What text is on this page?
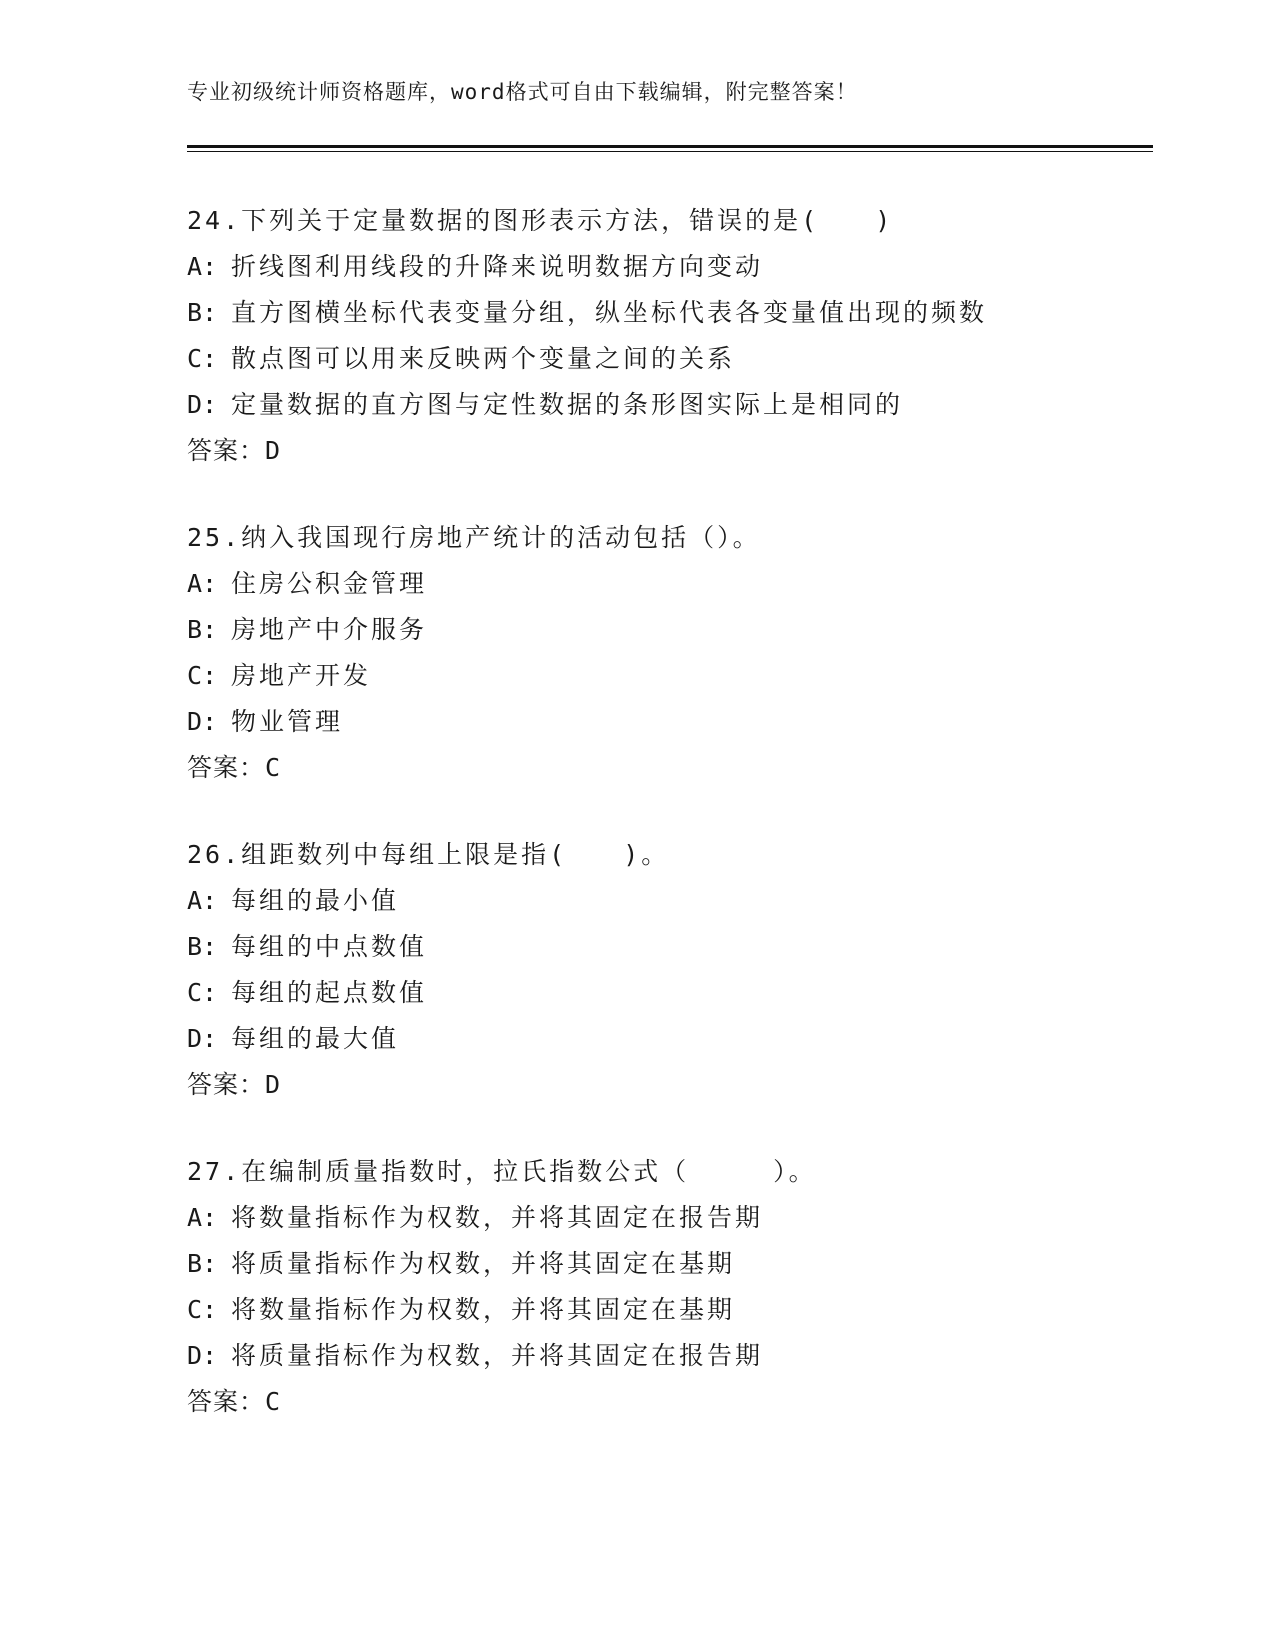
专业初级统计师资格题库，word格式可自由下载编辑，附完整答案！
24.下列关于定量数据的图形表示方法，错误的是(　　)
A: 折线图利用线段的升降来说明数据方向变动
B: 直方图横坐标代表变量分组，纵坐标代表各变量值出现的频数
C: 散点图可以用来反映两个变量之间的关系
D: 定量数据的直方图与定性数据的条形图实际上是相同的
答案：D
25.纳入我国现行房地产统计的活动包括（）。
A: 住房公积金管理
B: 房地产中介服务
C: 房地产开发
D: 物业管理
答案：C
26.组距数列中每组上限是指(　　)。
A: 每组的最小值
B: 每组的中点数值
C: 每组的起点数值
D: 每组的最大值
答案：D
27.在编制质量指数时，拉氏指数公式（　　　）。
A: 将数量指标作为权数，并将其固定在报告期
B: 将质量指标作为权数，并将其固定在基期
C: 将数量指标作为权数，并将其固定在基期
D: 将质量指标作为权数，并将其固定在报告期
答案：C
